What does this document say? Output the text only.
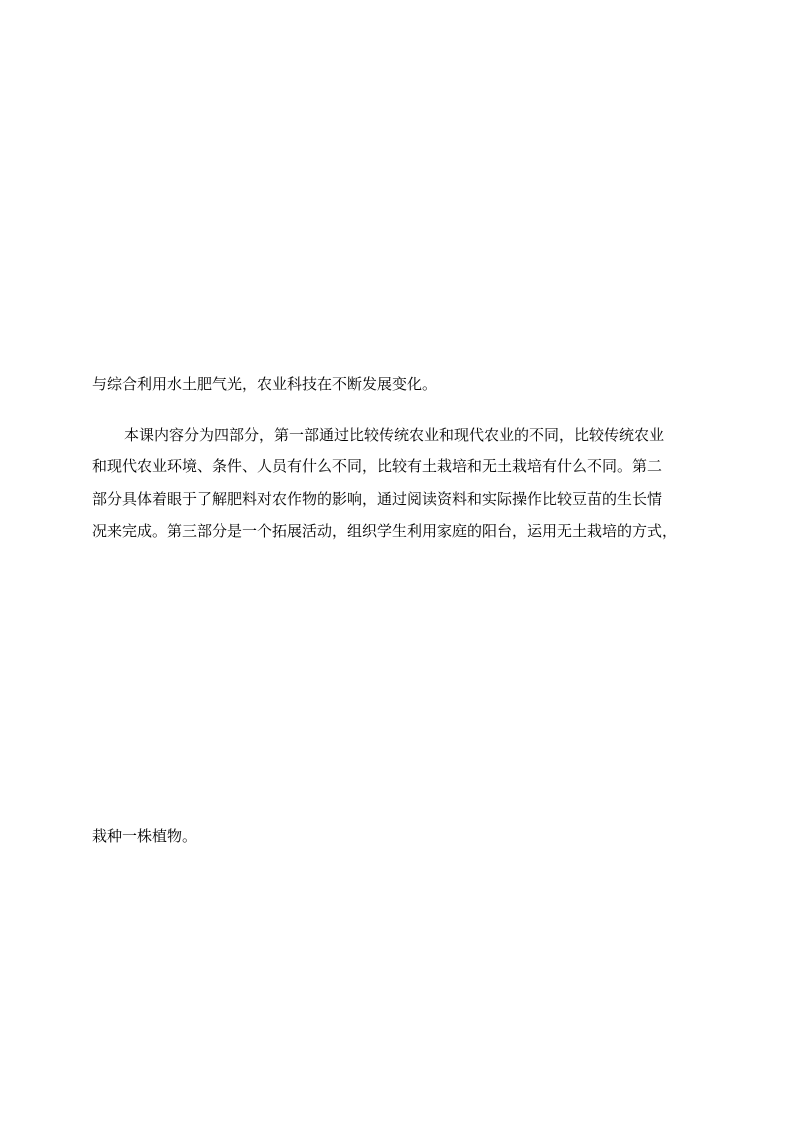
与综合利用水土肥气光，农业科技在不断发展变化。

本课内容分为四部分，第一部通过比较传统农业和现代农业的不同，比较传统农业

和现代农业环境、条件、人员有什么不同，比较有土栽培和无土栽培有什么不同。第二

部分具体着眼于了解肥料对农作物的影响，通过阅读资料和实际操作比较豆苗的生长情

况来完成。第三部分是一个拓展活动，组织学生利用家庭的阳台，运用无土栽培的方式，

栽种一株植物。
